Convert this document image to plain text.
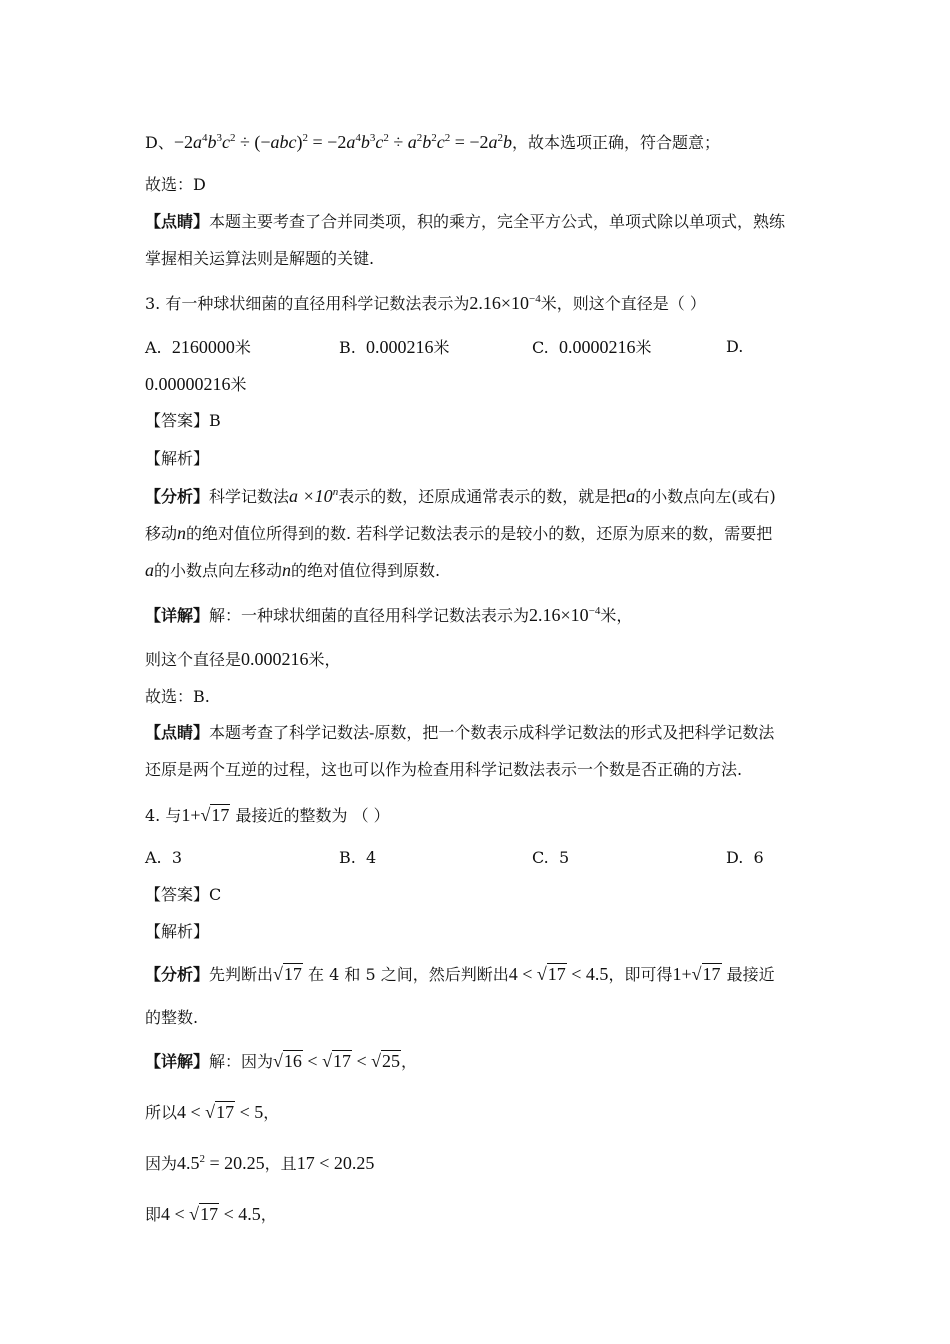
D、$-2a^4b^3c^2 \div (-abc)^2 = -2a^4b^3c^2 \div a^2b^2c^2 = -2a^2b$，故本选项正确，符合题意；
故选：D
【点睛】本题主要考查了合并同类项，积的乘方，完全平方公式，单项式除以单项式，熟练
掌握相关运算法则是解题的关键.
3. 有一种球状细菌的直径用科学记数法表示为$2.16\times 10^{-4}$米，则这个直径是（ ）
A. 2160000米	B. 0.000216米	C. 0.0000216米	D.
0.00000216米
【答案】B
【解析】
【分析】科学记数法$a \times 10^n$表示的数，还原成通常表示的数，就是把a的小数点向左(或右)
移动n的绝对值位所得到的数. 若科学记数法表示的是较小的数，还原为原来的数，需要把
a的小数点向左移动n的绝对值位得到原数.
【详解】解：一种球状细菌的直径用科学记数法表示为$2.16\times 10^{-4}$米，
则这个直径是0.000216米，
故选：B.
【点睛】本题考查了科学记数法-原数，把一个数表示成科学记数法的形式及把科学记数法
还原是两个互逆的过程，这也可以作为检查用科学记数法表示一个数是否正确的方法.
4. 与1+√17 最接近的整数为 （ ）
A. 3	B. 4	C. 5	D. 6
【答案】C
【解析】
【分析】先判断出√17 在 4 和 5 之间，然后判断出4 < √17 < 4.5，即可得1+√17 最接近
的整数.
【详解】解：因为√16 < √17 < √25，
所以4 < √17 < 5，
因为$4.5^2 = 20.25$，且17 < 20.25
即4 < √17 < 4.5，
